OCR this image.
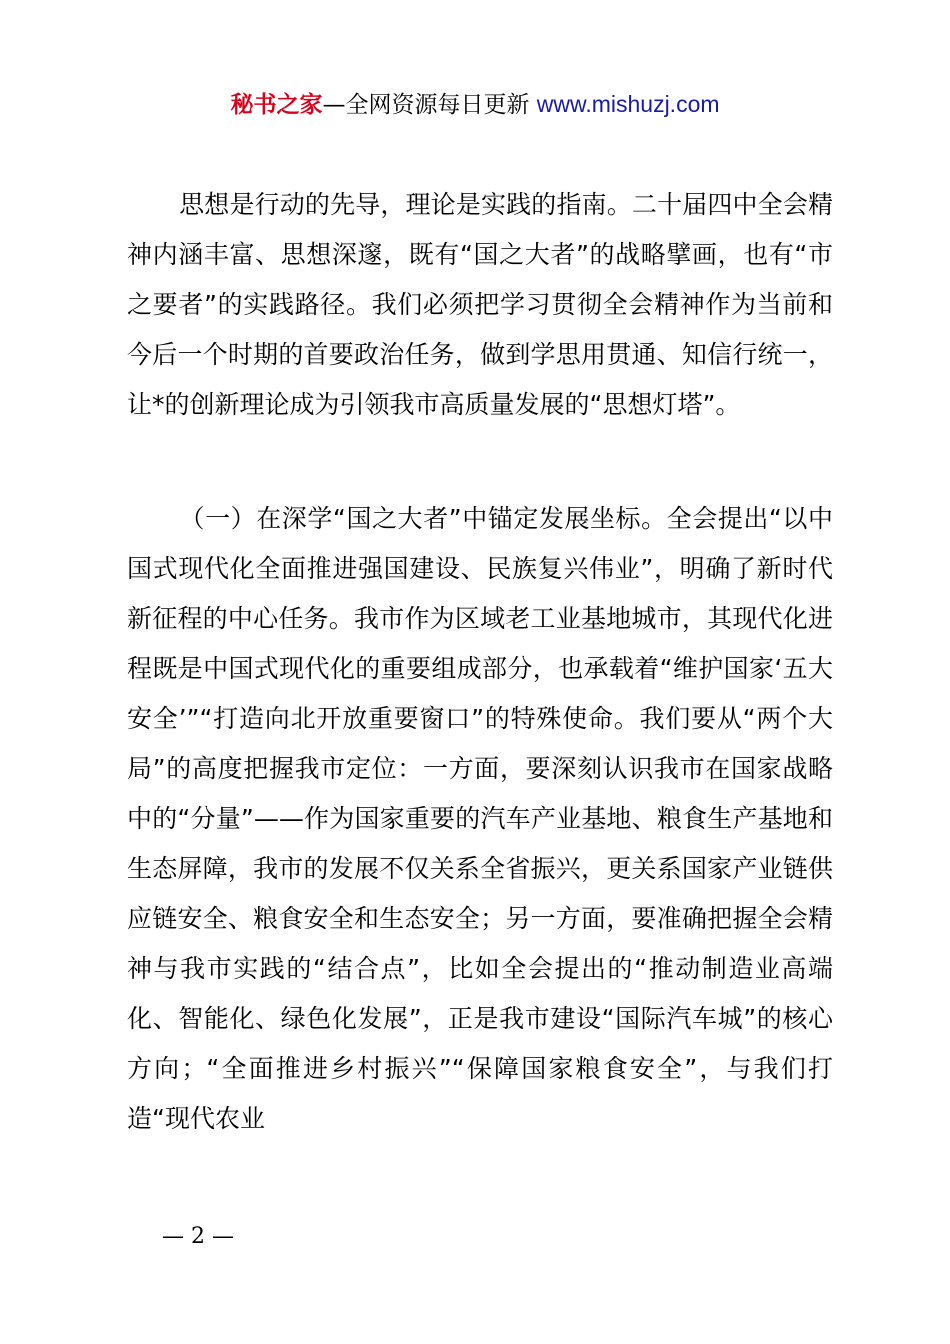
秘书之家—全网资源每日更新 www.mishuzj.com

思想是行动的先导，理论是实践的指南。二十届四中全会精神内涵丰富、思想深邃，既有“国之大者”的战略擘画，也有“市之要者”的实践路径。我们必须把学习贯彻全会精神作为当前和今后一个时期的首要政治任务，做到学思用贯通、知信行统一，让*的创新理论成为引领我市高质量发展的“思想灯塔”。

（一）在深学“国之大者”中锚定发展坐标。全会提出“以中国式现代化全面推进强国建设、民族复兴伟业”，明确了新时代新征程的中心任务。我市作为区域老工业基地城市，其现代化进程既是中国式现代化的重要组成部分，也承载着“维护国家‘五大安全’”“打造向北开放重要窗口”的特殊使命。我们要从“两个大局”的高度把握我市定位：一方面，要深刻认识我市在国家战略中的“分量”——作为国家重要的汽车产业基地、粮食生产基地和生态屏障，我市的发展不仅关系全省振兴，更关系国家产业链供应链安全、粮食安全和生态安全；另一方面，要准确把握全会精神与我市实践的“结合点”，比如全会提出的“推动制造业高端化、智能化、绿色化发展”，正是我市建设“国际汽车城”的核心方向；“全面推进乡村振兴”“保障国家粮食安全”，与我们打造“现代农业

— 2 —
